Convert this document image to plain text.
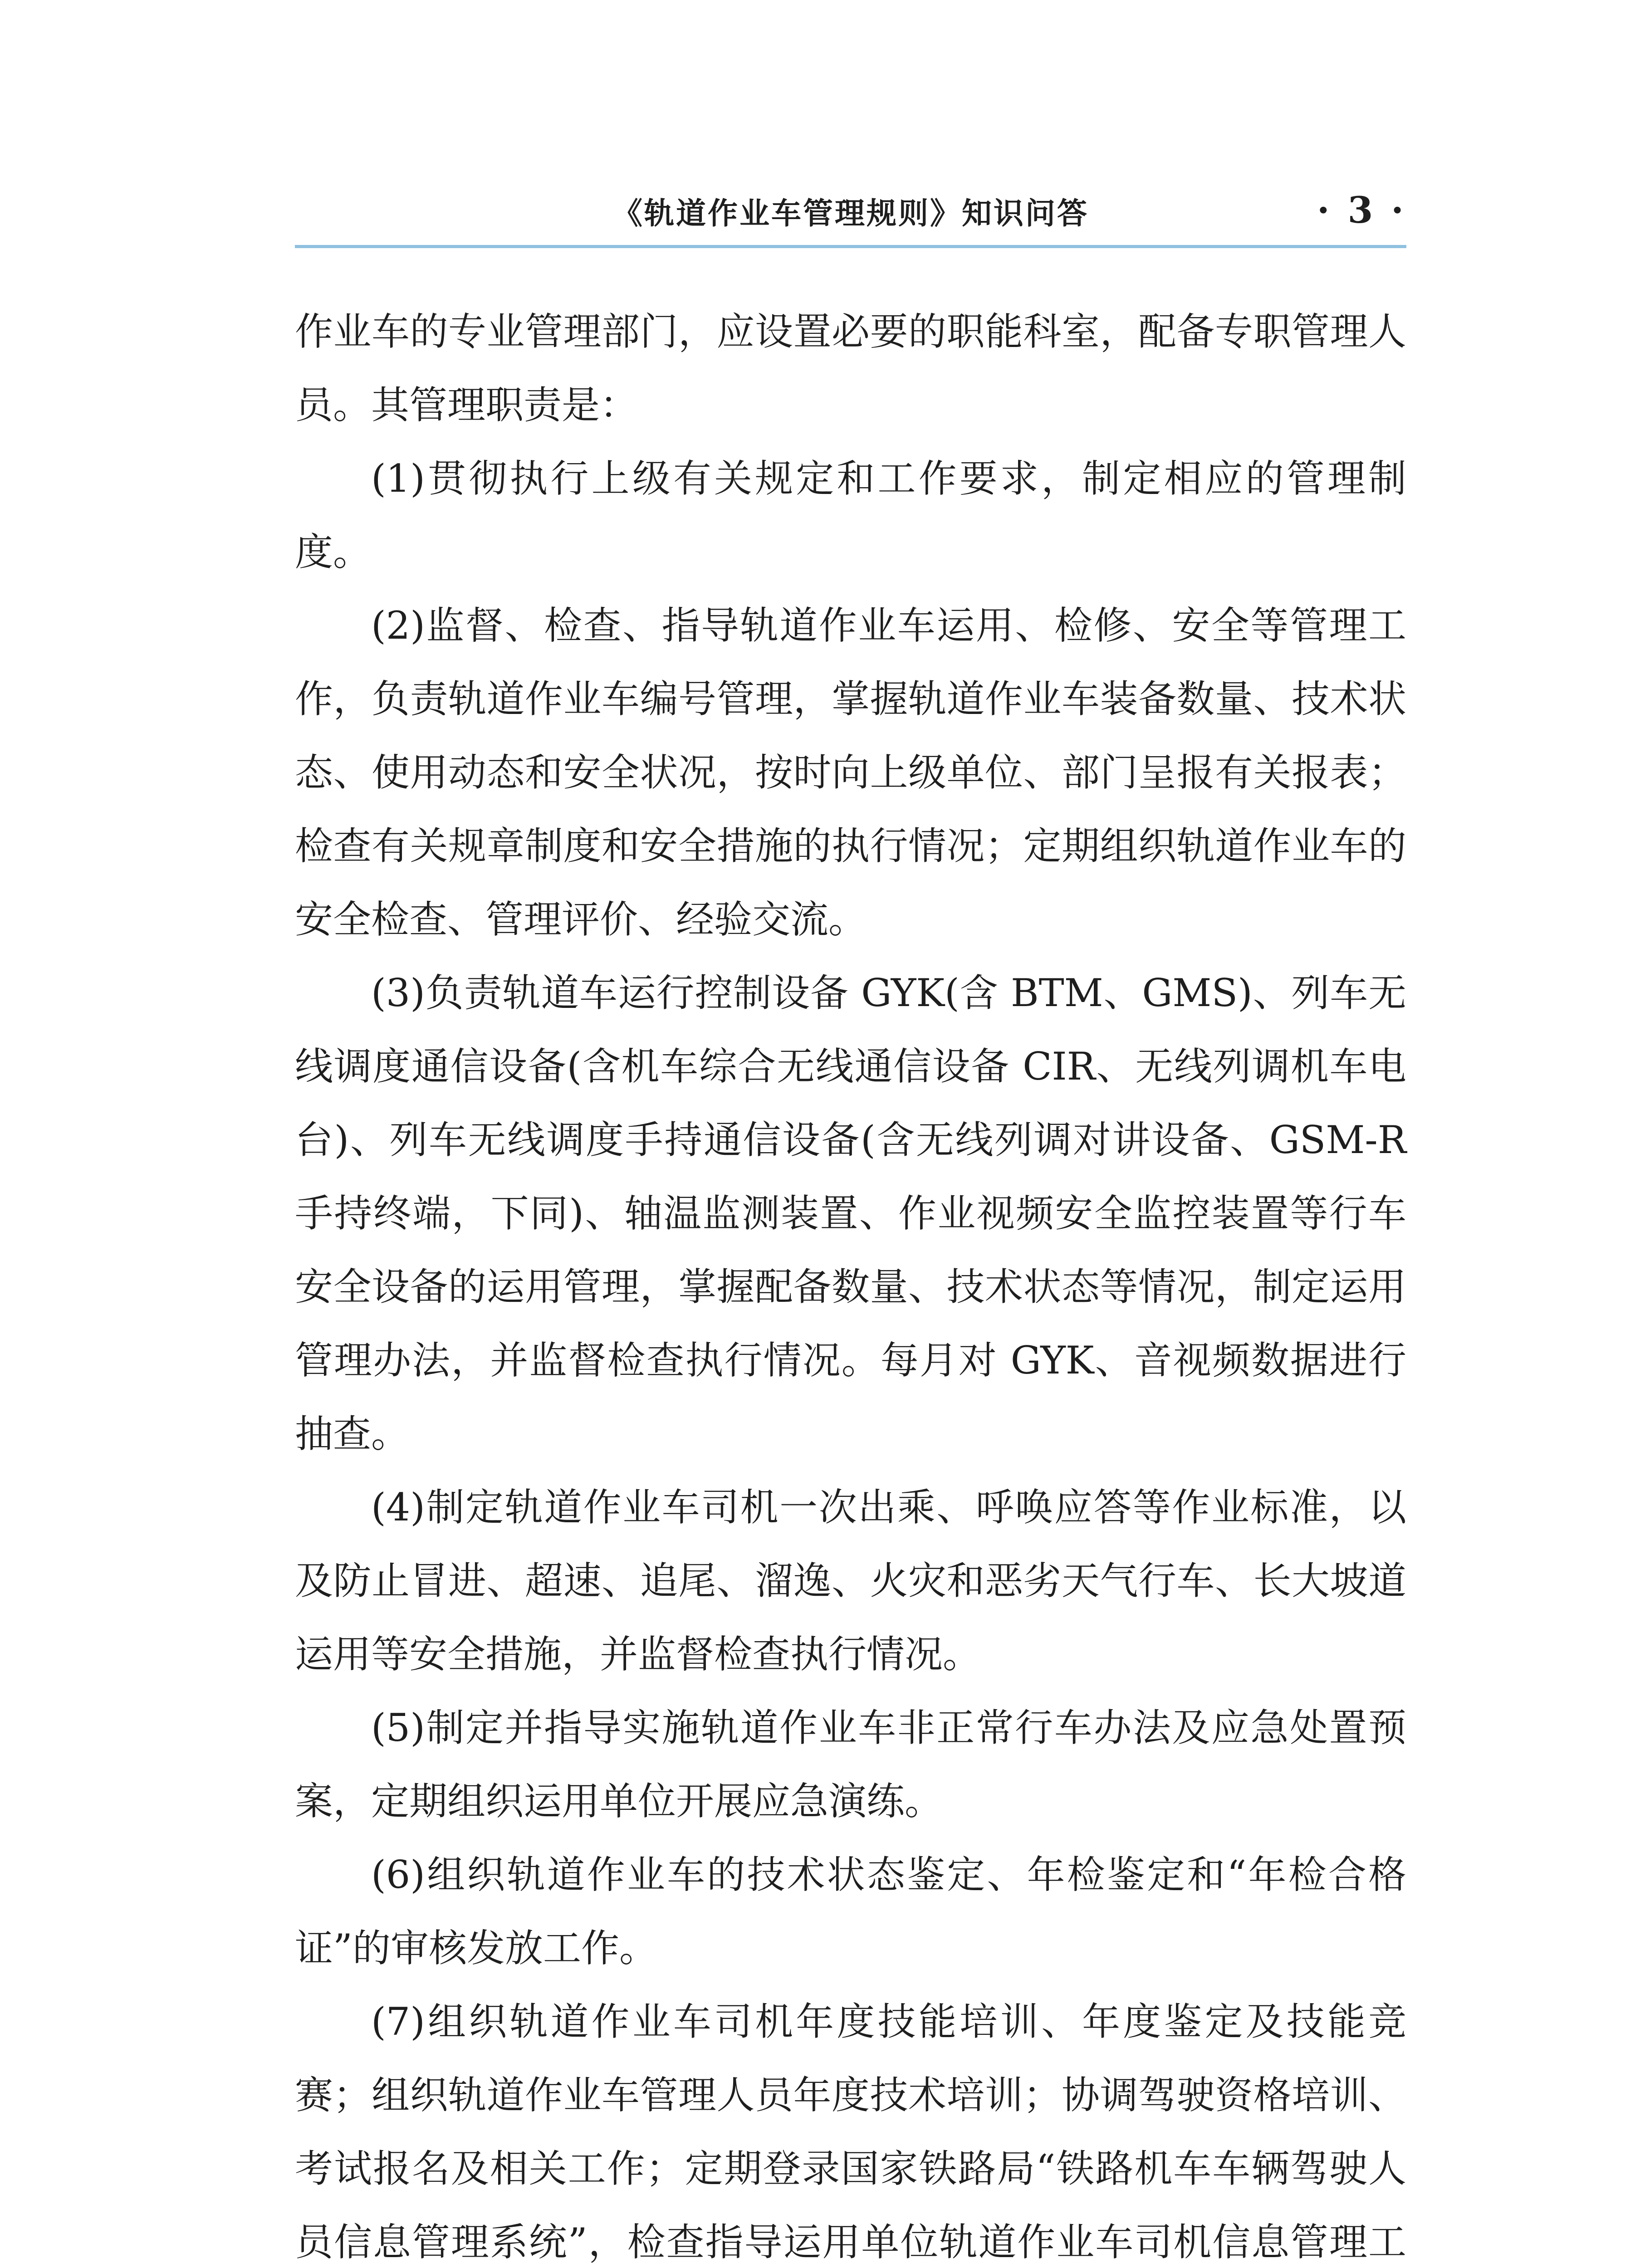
《轨道作业车管理规则》知识问答	· 3 ·

作业车的专业管理部门，应设置必要的职能科室，配备专职管理人员。其管理职责是：

(1)贯彻执行上级有关规定和工作要求，制定相应的管理制度。

(2)监督、检查、指导轨道作业车运用、检修、安全等管理工作，负责轨道作业车编号管理，掌握轨道作业车装备数量、技术状态、使用动态和安全状况，按时向上级单位、部门呈报有关报表；检查有关规章制度和安全措施的执行情况；定期组织轨道作业车的安全检查、管理评价、经验交流。

(3)负责轨道车运行控制设备 GYK(含 BTM、GMS)、列车无线调度通信设备(含机车综合无线通信设备 CIR、无线列调机车电台)、列车无线调度手持通信设备(含无线列调对讲设备、GSM-R 手持终端，下同)、轴温监测装置、作业视频安全监控装置等行车安全设备的运用管理，掌握配备数量、技术状态等情况，制定运用管理办法，并监督检查执行情况。每月对 GYK、音视频数据进行抽查。

(4)制定轨道作业车司机一次出乘、呼唤应答等作业标准，以及防止冒进、超速、追尾、溜逸、火灾和恶劣天气行车、长大坡道运用等安全措施，并监督检查执行情况。

(5)制定并指导实施轨道作业车非正常行车办法及应急处置预案，定期组织运用单位开展应急演练。

(6)组织轨道作业车的技术状态鉴定、年检鉴定和“年检合格证”的审核发放工作。

(7)组织轨道作业车司机年度技能培训、年度鉴定及技能竞赛；组织轨道作业车管理人员年度技术培训；协调驾驶资格培训、考试报名及相关工作；定期登录国家铁路局“铁路机车车辆驾驶人员信息管理系统”，检查指导运用单位轨道作业车司机信息管理工
